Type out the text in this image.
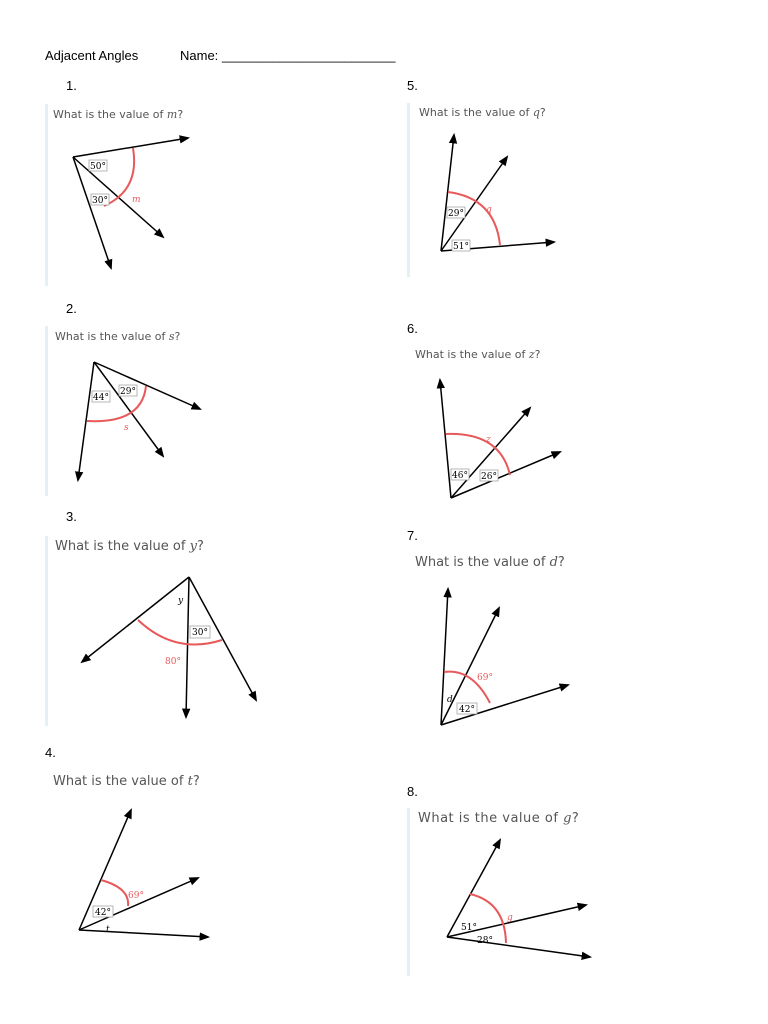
Adjacent Angles	Name: ________________________
1.
What is the value of m?
50°
30°	m
2.
What is the value of s?
44°
29°
s
3.
What is the value of y?
y
30°
80°
4.
What is the value of t?
69°
42°
t
5.
What is the value of q?
29° q
51°
6.
What is the value of z?
z
46° 26°
7.
What is the value of d?
69°
d
42°
8.
What is the value of g?
g
51°
28°
